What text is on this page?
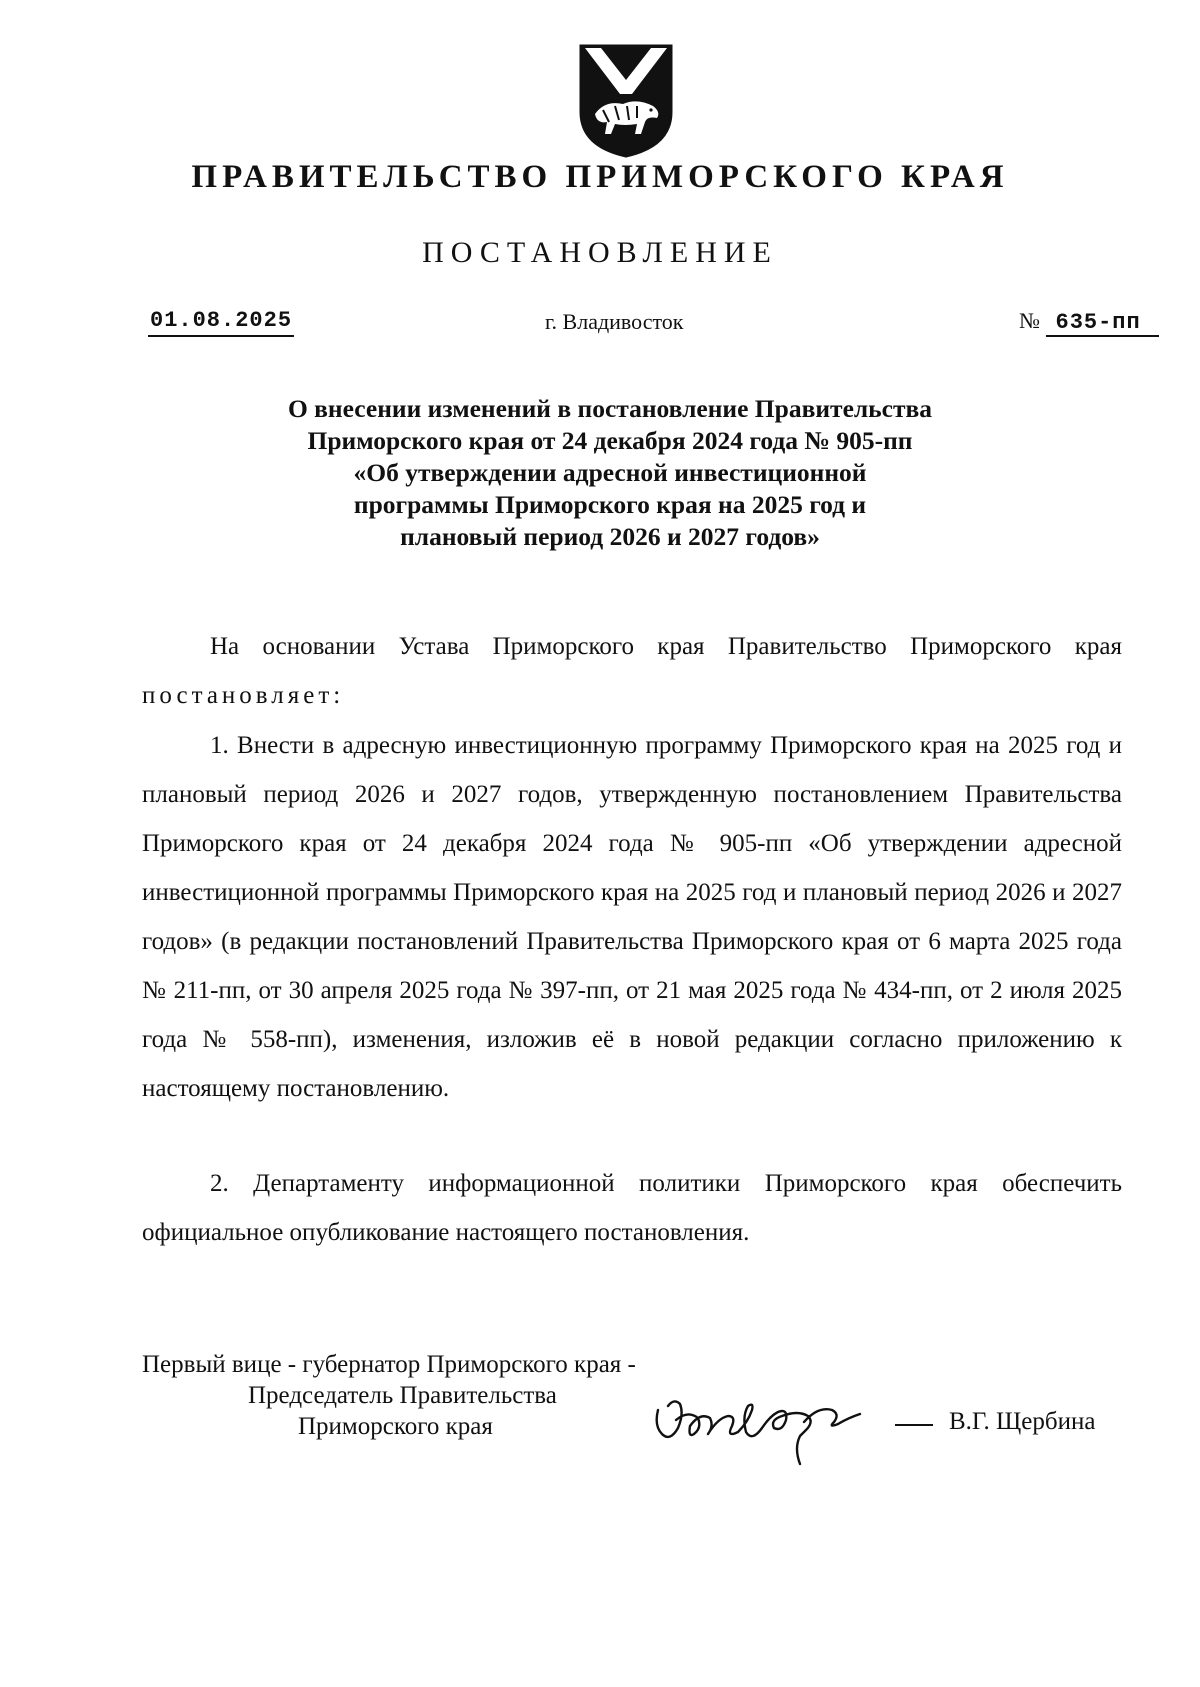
ПРАВИТЕЛЬСТВО ПРИМОРСКОГО КРАЯ
ПОСТАНОВЛЕНИЕ
01.08.2025	г. Владивосток	№ 635-пп
О внесении изменений в постановление Правительства
Приморского края от 24 декабря 2024 года № 905-пп
«Об утверждении адресной инвестиционной
программы Приморского края на 2025 год и
плановый период 2026 и 2027 годов»
На основании Устава Приморского края Правительство Приморского края постановляет:
1. Внести в адресную инвестиционную программу Приморского края на 2025 год и плановый период 2026 и 2027 годов, утвержденную постановлением Правительства Приморского края от 24 декабря 2024 года № 905-пп «Об утверждении адресной инвестиционной программы Приморского края на 2025 год и плановый период 2026 и 2027 годов» (в редакции постановлений Правительства Приморского края от 6 марта 2025 года № 211-пп, от 30 апреля 2025 года № 397-пп, от 21 мая 2025 года № 434-пп, от 2 июля 2025 года № 558-пп), изменения, изложив её в новой редакции согласно приложению к настоящему постановлению.
2. Департаменту информационной политики Приморского края обеспечить официальное опубликование настоящего постановления.
Первый вице - губернатор Приморского края -
Председатель Правительства
Приморского края	В.Г. Щербина
